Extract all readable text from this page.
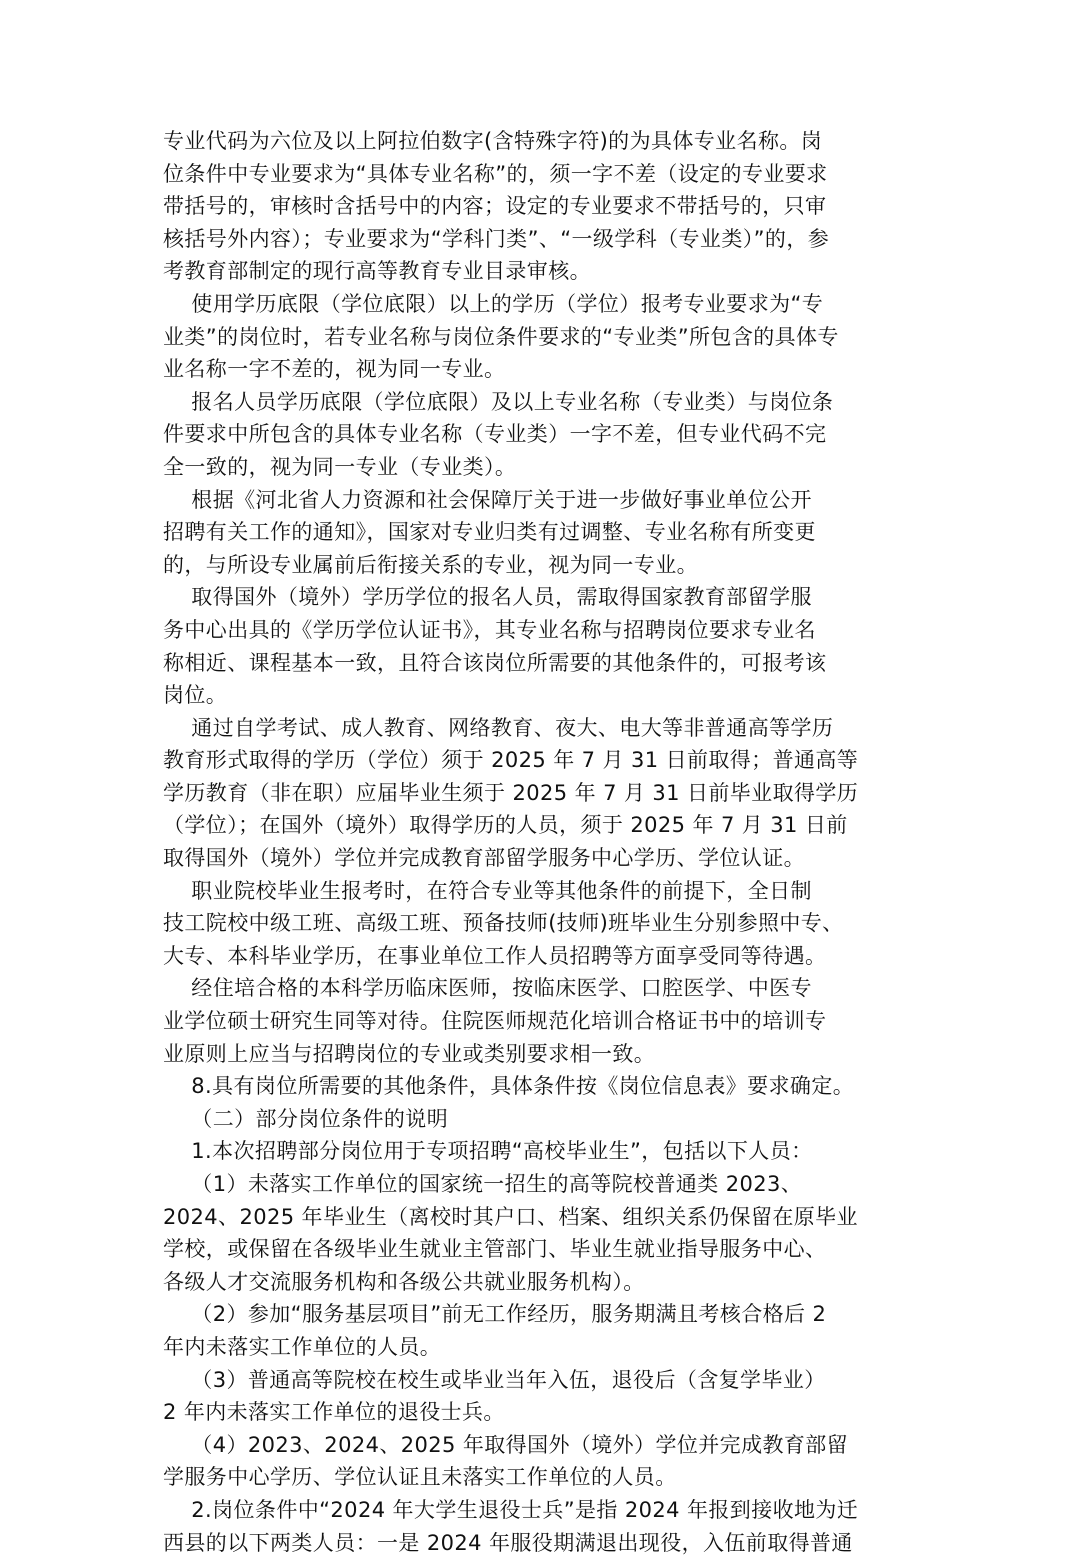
专业代码为六位及以上阿拉伯数字(含特殊字符)的为具体专业名称。岗
位条件中专业要求为“具体专业名称”的，须一字不差（设定的专业要求
带括号的，审核时含括号中的内容；设定的专业要求不带括号的，只审
核括号外内容）；专业要求为“学科门类”、“一级学科（专业类）”的，参
考教育部制定的现行高等教育专业目录审核。
使用学历底限（学位底限）以上的学历（学位）报考专业要求为“专
业类”的岗位时，若专业名称与岗位条件要求的“专业类”所包含的具体专
业名称一字不差的，视为同一专业。
报名人员学历底限（学位底限）及以上专业名称（专业类）与岗位条
件要求中所包含的具体专业名称（专业类）一字不差，但专业代码不完
全一致的，视为同一专业（专业类）。
根据《河北省人力资源和社会保障厅关于进一步做好事业单位公开
招聘有关工作的通知》，国家对专业归类有过调整、专业名称有所变更
的，与所设专业属前后衔接关系的专业，视为同一专业。
取得国外（境外）学历学位的报名人员，需取得国家教育部留学服
务中心出具的《学历学位认证书》，其专业名称与招聘岗位要求专业名
称相近、课程基本一致，且符合该岗位所需要的其他条件的，可报考该
岗位。
通过自学考试、成人教育、网络教育、夜大、电大等非普通高等学历
教育形式取得的学历（学位）须于 2025 年 7 月 31 日前取得；普通高等
学历教育（非在职）应届毕业生须于 2025 年 7 月 31 日前毕业取得学历
（学位）；在国外（境外）取得学历的人员，须于 2025 年 7 月 31 日前
取得国外（境外）学位并完成教育部留学服务中心学历、学位认证。
职业院校毕业生报考时，在符合专业等其他条件的前提下，全日制
技工院校中级工班、高级工班、预备技师(技师)班毕业生分别参照中专、
大专、本科毕业学历，在事业单位工作人员招聘等方面享受同等待遇。
经住培合格的本科学历临床医师，按临床医学、口腔医学、中医专
业学位硕士研究生同等对待。住院医师规范化培训合格证书中的培训专
业原则上应当与招聘岗位的专业或类别要求相一致。
8.具有岗位所需要的其他条件，具体条件按《岗位信息表》要求确定。
（二）部分岗位条件的说明
1.本次招聘部分岗位用于专项招聘“高校毕业生”，包括以下人员：
（1）未落实工作单位的国家统一招生的高等院校普通类 2023、
2024、2025 年毕业生（离校时其户口、档案、组织关系仍保留在原毕业
学校，或保留在各级毕业生就业主管部门、毕业生就业指导服务中心、
各级人才交流服务机构和各级公共就业服务机构）。
（2）参加“服务基层项目”前无工作经历，服务期满且考核合格后 2
年内未落实工作单位的人员。
（3）普通高等院校在校生或毕业当年入伍，退役后（含复学毕业）
2 年内未落实工作单位的退役士兵。
（4）2023、2024、2025 年取得国外（境外）学位并完成教育部留
学服务中心学历、学位认证且未落实工作单位的人员。
2.岗位条件中“2024 年大学生退役士兵”是指 2024 年报到接收地为迁
西县的以下两类人员：一是 2024 年服役期满退出现役，入伍前取得普通
